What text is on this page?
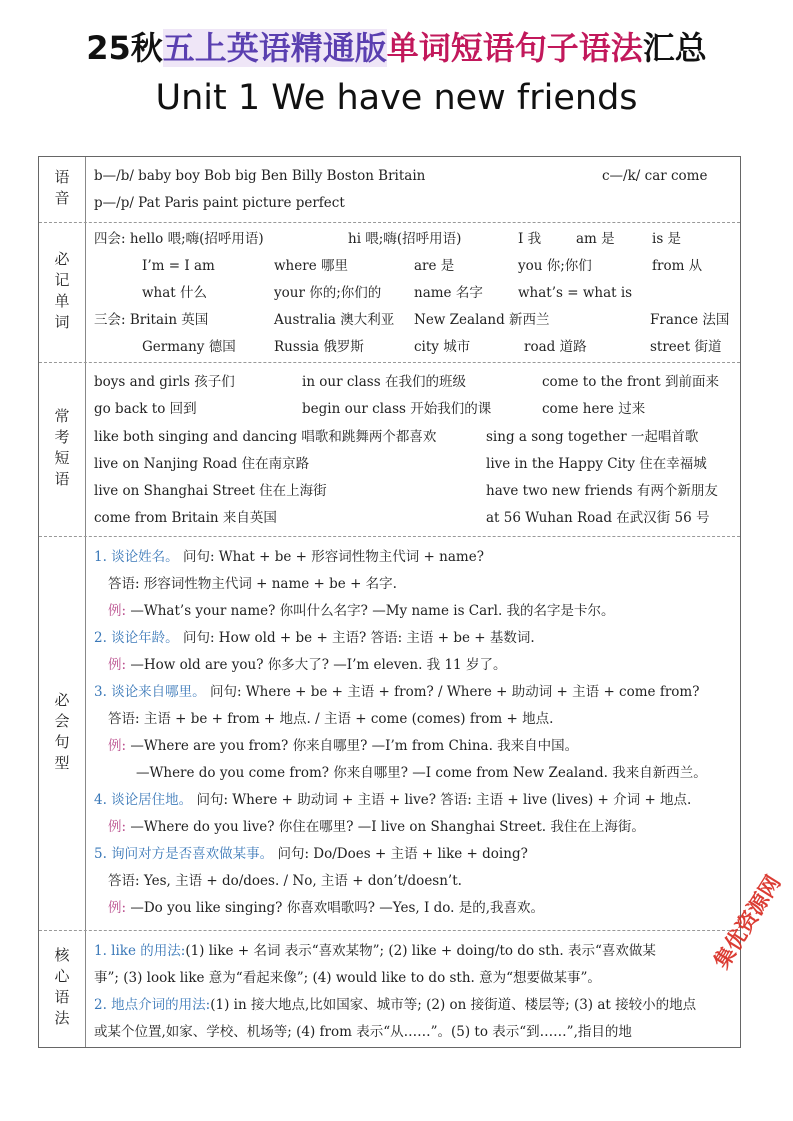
25秋五上英语精通版单词短语句子语法汇总
Unit 1 We have new friends
语音 b—/b/ baby boy Bob big Ben Billy Boston Britain	c—/k/ car come
p—/p/ Pat Paris paint picture perfect
必记单词
四会: hello 喂;嗨(招呼用语)	hi 喂;嗨(招呼用语)	I 我	am 是	is 是
I’m = I am	where 哪里	are 是	you 你;你们	from 从
what 什么	your 你的;你们的 name 名字	what’s = what is
三会: Britain 英国	Australia 澳大利亚 New Zealand 新西兰	France 法国
Germany 德国	Russia 俄罗斯	city 城市	road 道路	street 街道
常考短语
boys and girls 孩子们	in our class 在我们的班级	come to the front 到前面来
go back to 回到	begin our class 开始我们的课	come here 过来
like both singing and dancing 唱歌和跳舞两个都喜欢	sing a song together 一起唱首歌
live on Nanjing Road 住在南京路	live in the Happy City 住在幸福城
live on Shanghai Street 住在上海街	have two new friends 有两个新朋友
come from Britain 来自英国	at 56 Wuhan Road 在武汉街 56 号
必会句型
1. 谈论姓名。 问句: What + be + 形容词性物主代词 + name?
答语: 形容词性物主代词 + name + be + 名字.
例: —What’s your name? 你叫什么名字? —My name is Carl. 我的名字是卡尔。
2. 谈论年龄。 问句: How old + be + 主语? 答语: 主语 + be + 基数词.
例: —How old are you? 你多大了? —I’m eleven. 我 11 岁了。
3. 谈论来自哪里。 问句: Where + be + 主语 + from? / Where + 助动词 + 主语 + come from?
答语: 主语 + be + from + 地点. / 主语 + come (comes) from + 地点.
例: —Where are you from? 你来自哪里? —I’m from China. 我来自中国。
—Where do you come from? 你来自哪里? —I come from New Zealand. 我来自新西兰。
4. 谈论居住地。 问句: Where + 助动词 + 主语 + live? 答语: 主语 + live (lives) + 介词 + 地点.
例: —Where do you live? 你住在哪里? —I live on Shanghai Street. 我住在上海街。
5. 询问对方是否喜欢做某事。 问句: Do/Does + 主语 + like + doing?
答语: Yes, 主语 + do/does. / No, 主语 + don’t/doesn’t.
例: —Do you like singing? 你喜欢唱歌吗? —Yes, I do. 是的,我喜欢。
核心语法 1. like 的用法:(1) like + 名词 表示“喜欢某物”; (2) like + doing/to do sth. 表示“喜欢做某
事”; (3) look like 意为“看起来像”; (4) would like to do sth. 意为“想要做某事”。
2. 地点介词的用法:(1) in 接大地点,比如国家、城市等; (2) on 接街道、楼层等; (3) at 接较小的地点
或某个位置,如家、学校、机场等; (4) from 表示“从……”。(5) to 表示“到……”,指目的地
集优资源网
